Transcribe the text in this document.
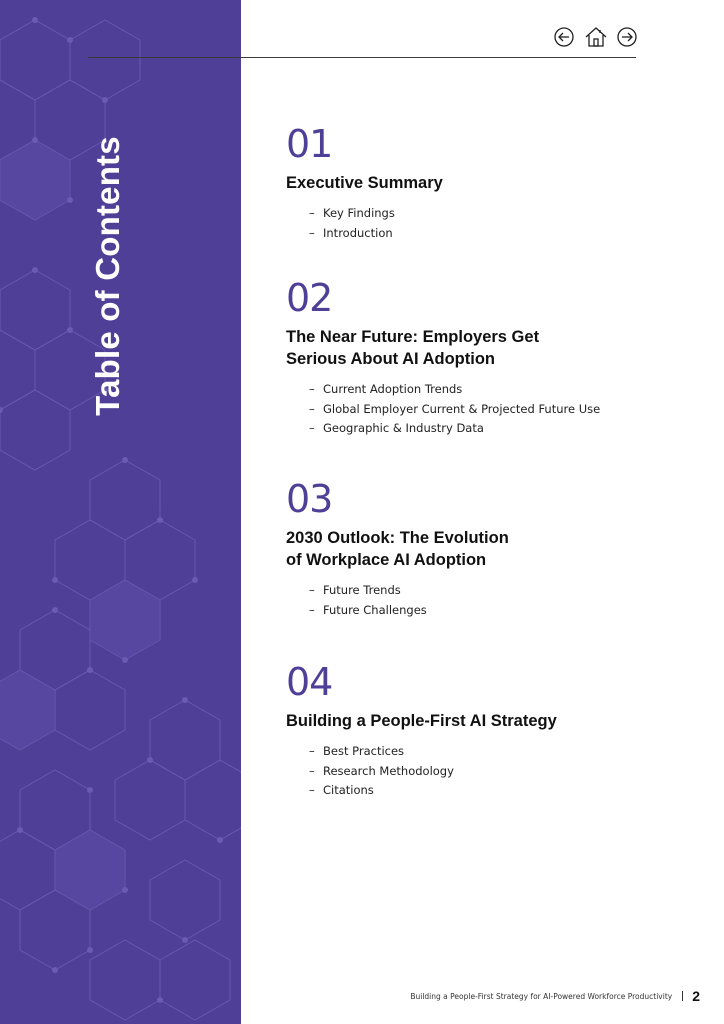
Table of Contents	01
Executive Summary
– Key Findings
– Introduction
02
The Near Future: Employers Get
Serious About AI Adoption
– Current Adoption Trends
– Global Employer Current & Projected Future Use
– Geographic & Industry Data
03
2030 Outlook: The Evolution
of Workplace AI Adoption
– Future Trends
– Future Challenges
04
Building a People-First AI Strategy
– Best Practices
– Research Methodology
– Citations
Building a People-First Strategy for AI-Powered Workforce Productivity 2
